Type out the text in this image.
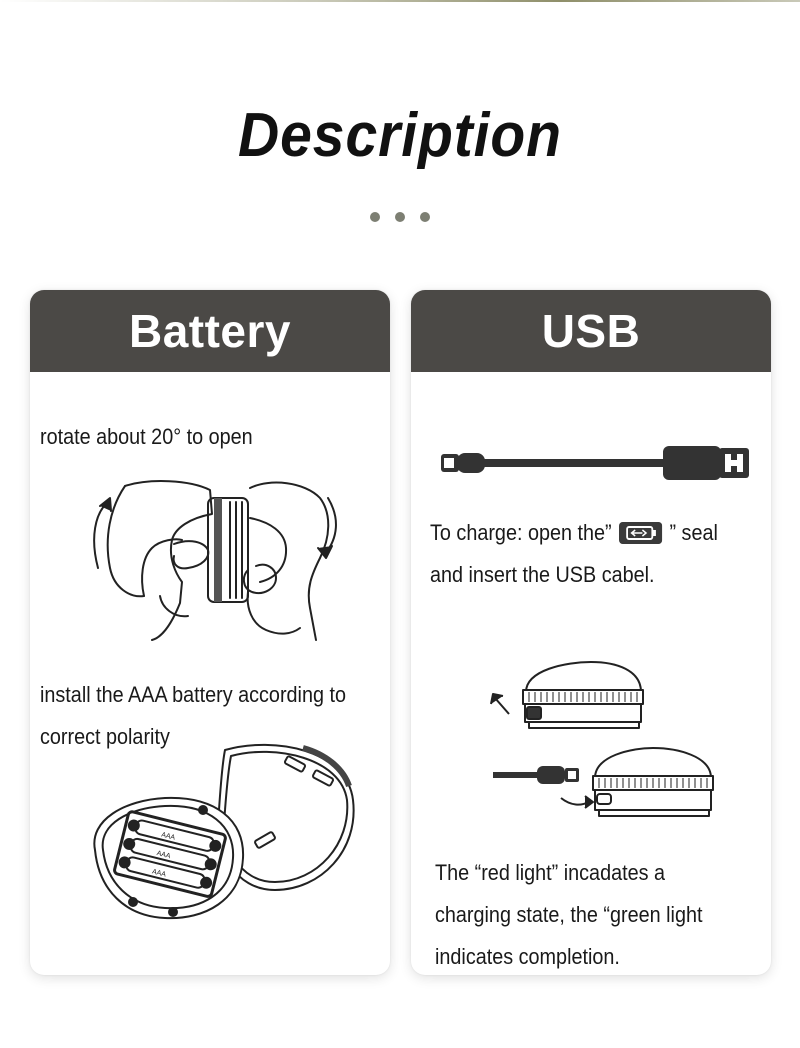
Description
Battery
rotate about 20° to open
install the AAA battery according to
correct polarity
AAA
AAA
AAA
USB
To charge: open the”	” seal
and insert the USB cabel.
The “red light” incadates a
charging state, the “green light
indicates completion.
